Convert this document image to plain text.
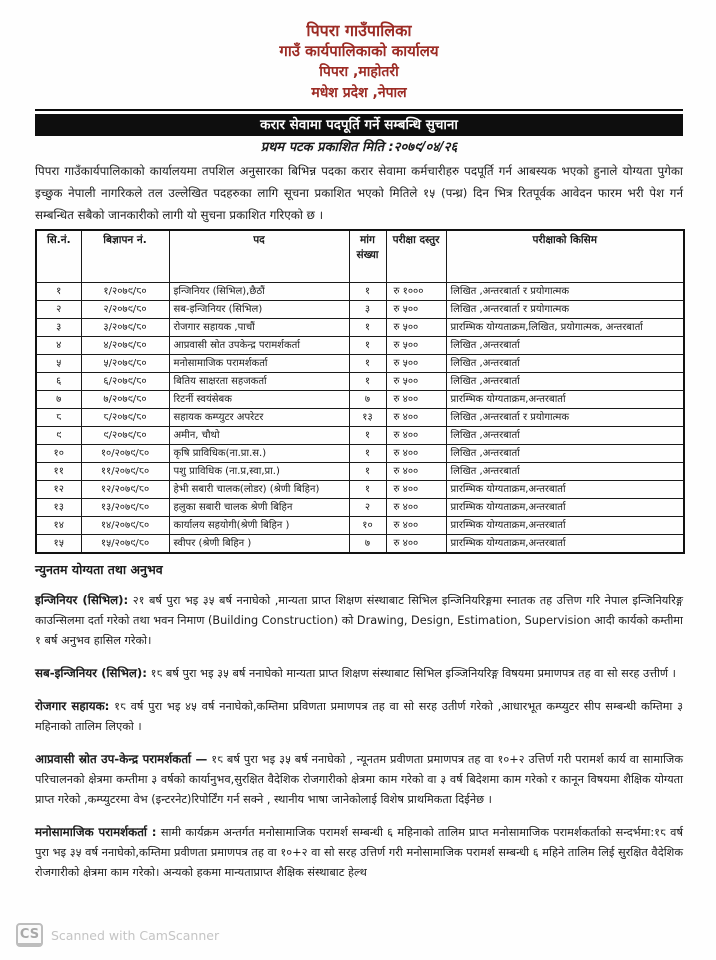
पिपरा गाउँपालिका
गाउँ कार्यपालिकाको कार्यालय
पिपरा ,माहोतरी
मधेश प्रदेश ,नेपाल
करार सेवामा पदपूर्ति गर्ने सम्बन्धि सुचाना
प्रथम पटक प्रकाशित मिति :२०७९/०४/२६

पिपरा गाउँकार्यपालिकाको कार्यालयमा तपशिल अनुसारका बिभिन्न पदका करार सेवामा कर्मचारीहरु पदपूर्ति गर्न आबस्यक भएको हुनाले योग्यता पुगेका इच्छुक नेपाली नागरिकले तल उल्लेखित पदहरुका लागि सूचना प्रकाशित भएको मितिले १५ (पन्ध्र) दिन भित्र रितपूर्वक आवेदन फारम भरी पेश गर्न सम्बन्धित सबैको जानकारीको लागी यो सुचना प्रकाशित गरिएको छ ।

सि.नं.	बिज्ञापन नं.	पद	मांग संख्या	परीक्षा दस्तुर	परीक्षाको किसिम
१	१/२०७९/८०	इन्जिनियर (सिभिल),छैठौं	१	रु १०००	लिखित ,अन्तरबार्ता र प्रयोगात्मक
२	२/२०७९/८०	सब-इन्जिनियर (सिभिल)	३	रु ५००	लिखित ,अन्तरबार्ता र प्रयोगात्मक
३	३/२०७९/८०	रोजगार सहायक ,पाचौं	१	रु ५००	प्रारम्भिक योग्यताक्रम,लिखित, प्रयोगात्मक, अन्तरबार्ता
४	४/२०७९/८०	आप्रवासी स्रोत उपकेन्द्र परामर्शकर्ता	१	रु ५००	लिखित ,अन्तरबार्ता
५	५/२०७९/८०	मनोसामाजिक परामर्शकर्ता	१	रु ५००	लिखित ,अन्तरबार्ता
६	६/२०७९/८०	बितिय साक्षरता सहजकर्ता	१	रु ५००	लिखित ,अन्तरबार्ता
७	७/२०७९/८०	रिटर्नी स्वयंसेबक	७	रु ४००	प्रारम्भिक योग्यताक्रम,अन्तरबार्ता
८	८/२०७९/८०	सहायक कम्प्युटर अपरेटर	१३	रु ४००	लिखित ,अन्तरबार्ता र प्रयोगात्मक
९	९/२०७९/८०	अमीन, चौथो	१	रु ४००	लिखित ,अन्तरबार्ता
१०	१०/२०७९/८०	कृषि प्राविधिक(ना.प्रा.स.)	१	रु ४००	लिखित ,अन्तरबार्ता
११	११/२०७९/८०	पशु प्राविधिक (ना.प्र,स्वा,प्रा.)	१	रु ४००	लिखित ,अन्तरबार्ता
१२	१२/२०७९/८०	हेभी सबारी चालक(लोडर) (श्रेणी बिहिन)	१	रु ४००	प्रारम्भिक योग्यताक्रम,अन्तरबार्ता
१३	१३/२०७९/८०	हलुका सबारी चालक श्रेणी बिहिन	२	रु ४००	प्रारम्भिक योग्यताक्रम,अन्तरबार्ता
१४	१४/२०७९/८०	कार्यालय सहयोगी(श्रेणी बिहिन )	१०	रु ४००	प्रारम्भिक योग्यताक्रम,अन्तरबार्ता
१५	१५/२०७९/८०	स्वीपर (श्रेणी बिहिन )	७	रु ४००	प्रारम्भिक योग्यताक्रम,अन्तरबार्ता
न्युनतम योग्यता तथा अनुभव

इन्जिनियर (सिभिल): २१ बर्ष पुरा भइ ३५ बर्ष ननाघेको ,मान्यता प्राप्त शिक्षण संस्थाबाट सिभिल इन्जिनियरिङ्गमा स्नातक तह उत्तिण गरि नेपाल इन्जिनियरिङ्ग काउन्सिलमा दर्ता गरेको तथा भवन निमाण (Building Construction) को Drawing, Design, Estimation, Supervision आदी कार्यको कम्तीमा १ बर्ष अनुभव हासिल गरेको।

सब-इन्जिनियर (सिभिल): १८ बर्ष पुरा भइ ३५ बर्ष ननाघेको मान्यता प्राप्त शिक्षण संस्थाबाट सिभिल इञ्जिनियरिङ्ग विषयमा प्रमाणपत्र तह वा सो सरह उत्तीर्ण ।

रोजगार सहायक: १८ वर्ष पुरा भइ ४५ वर्ष ननाघेको,कम्तिमा प्रविणता प्रमाणपत्र तह वा सो सरह उतीर्ण गरेको ,आधारभूत कम्प्युटर सीप सम्बन्धी कम्तिमा ३ महिनाको तालिम लिएको ।

आप्रवासी स्रोत उप-केन्द्र परामर्शकर्ता — १८ बर्ष पुरा भइ ३५ बर्ष ननाघेको , न्यूनतम प्रवीणता प्रमाणपत्र तह वा १०+२ उत्तिर्ण गरी परामर्श कार्य वा सामाजिक परिचालनको क्षेत्रमा कम्तीमा ३ वर्षको कार्यानुभव,सुरक्षित वैदेशिक रोजगारीको क्षेत्रमा काम गरेको वा ३ वर्ष बिदेशमा काम गरेको र कानून विषयमा शैक्षिक योग्यता प्राप्त गरेको ,कम्प्युटरमा वेभ (इन्टरनेट)रिपोर्टिंग गर्न सक्ने , स्थानीय भाषा जानेकोलाई विशेष प्राथमिकता दिईनेछ ।

मनोसामाजिक परामर्शकर्ता : सामी कार्यक्रम अन्तर्गत मनोसामाजिक परामर्श सम्बन्धी ६ महिनाको तालिम प्राप्त मनोसामाजिक परामर्शकर्ताको सन्दर्भमा:१८ वर्ष पुरा भइ ३५ वर्ष ननाघेको,कम्तिमा प्रवीणता प्रमाणपत्र तह वा १०+२ वा सो सरह उत्तिर्ण गरी मनोसामाजिक परामर्श सम्बन्धी ६ महिने तालिम लिई सुरक्षित वैदेशिक रोजगारीको क्षेत्रमा काम गरेको। अन्यको हकमा मान्यताप्राप्त शैक्षिक संस्थाबाट हेल्थ

CS Scanned with CamScanner
